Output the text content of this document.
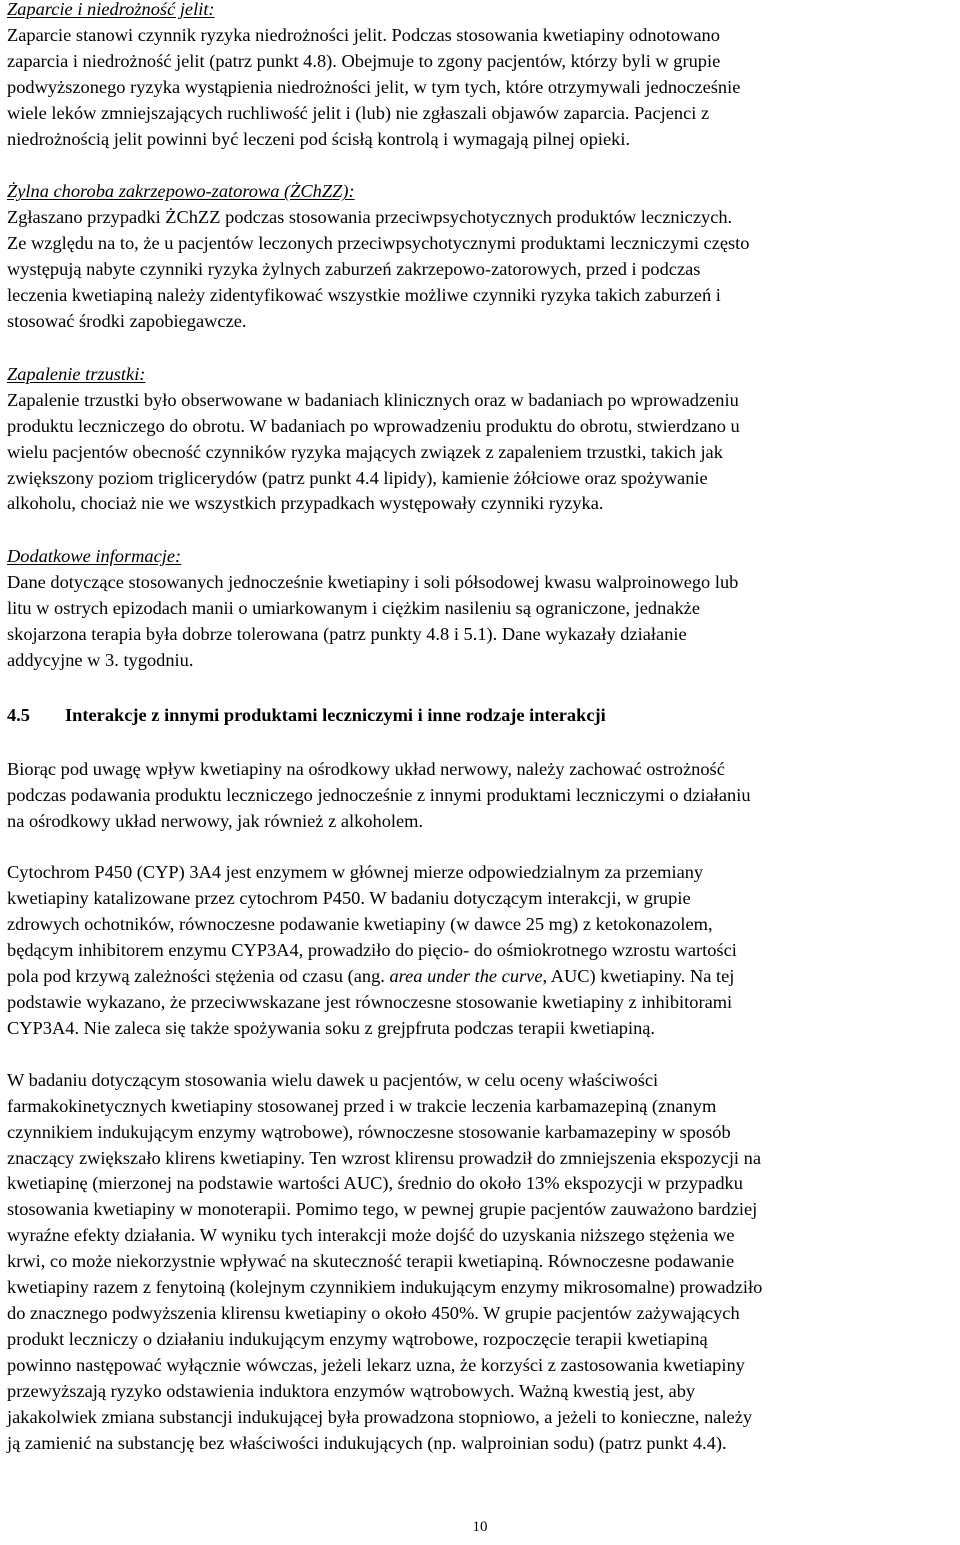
Zaparcie i niedrożność jelit:

Zaparcie stanowi czynnik ryzyka niedrożności jelit. Podczas stosowania kwetiapiny odnotowano
zaparcia i niedrożność jelit (patrz punkt 4.8). Obejmuje to zgony pacjentów, którzy byli w grupie
podwyższonego ryzyka wystąpienia niedrożności jelit, w tym tych, które otrzymywali jednocześnie
wiele leków zmniejszających ruchliwość jelit i (lub) nie zgłaszali objawów zaparcia. Pacjenci z
niedrożnością jelit powinni być leczeni pod ścisłą kontrolą i wymagają pilnej opieki.

Żylna choroba zakrzepowo-zatorowa (ŻChZZ):

Zgłaszano przypadki ŻChZZ podczas stosowania przeciwpsychotycznych produktów leczniczych.
Ze względu na to, że u pacjentów leczonych przeciwpsychotycznymi produktami leczniczymi często
występują nabyte czynniki ryzyka żylnych zaburzeń zakrzepowo-zatorowych, przed i podczas
leczenia kwetiapiną należy zidentyfikować wszystkie możliwe czynniki ryzyka takich zaburzeń i
stosować środki zapobiegawcze.

Zapalenie trzustki:

Zapalenie trzustki było obserwowane w badaniach klinicznych oraz w badaniach po wprowadzeniu
produktu leczniczego do obrotu. W badaniach po wprowadzeniu produktu do obrotu, stwierdzano u
wielu pacjentów obecność czynników ryzyka mających związek z zapaleniem trzustki, takich jak
zwiększony poziom triglicerydów (patrz punkt 4.4 lipidy), kamienie żółciowe oraz spożywanie
alkoholu, chociaż nie we wszystkich przypadkach występowały czynniki ryzyka.

Dodatkowe informacje:

Dane dotyczące stosowanych jednocześnie kwetiapiny i soli półsodowej kwasu walproinowego lub
litu w ostrych epizodach manii o umiarkowanym i ciężkim nasileniu są ograniczone, jednakże
skojarzona terapia była dobrze tolerowana (patrz punkty 4.8 i 5.1). Dane wykazały działanie
addycyjne w 3. tygodniu.

4.5	Interakcje z innymi produktami leczniczymi i inne rodzaje interakcji

Biorąc pod uwagę wpływ kwetiapiny na ośrodkowy układ nerwowy, należy zachować ostrożność
podczas podawania produktu leczniczego jednocześnie z innymi produktami leczniczymi o działaniu
na ośrodkowy układ nerwowy, jak również z alkoholem.

Cytochrom P450 (CYP) 3A4 jest enzymem w głównej mierze odpowiedzialnym za przemiany
kwetiapiny katalizowane przez cytochrom P450. W badaniu dotyczącym interakcji, w grupie
zdrowych ochotników, równoczesne podawanie kwetiapiny (w dawce 25 mg) z ketokonazolem,
będącym inhibitorem enzymu CYP3A4, prowadziło do pięcio- do ośmiokrotnego wzrostu wartości
pola pod krzywą zależności stężenia od czasu (ang. area under the curve, AUC) kwetiapiny. Na tej
podstawie wykazano, że przeciwwskazane jest równoczesne stosowanie kwetiapiny z inhibitorami
CYP3A4. Nie zaleca się także spożywania soku z grejpfruta podczas terapii kwetiapiną.

W badaniu dotyczącym stosowania wielu dawek u pacjentów, w celu oceny właściwości
farmakokinetycznych kwetiapiny stosowanej przed i w trakcie leczenia karbamazepiną (znanym
czynnikiem indukującym enzymy wątrobowe), równoczesne stosowanie karbamazepiny w sposób
znaczący zwiększało klirens kwetiapiny. Ten wzrost klirensu prowadził do zmniejszenia ekspozycji na
kwetiapinę (mierzonej na podstawie wartości AUC), średnio do około 13% ekspozycji w przypadku
stosowania kwetiapiny w monoterapii. Pomimo tego, w pewnej grupie pacjentów zauważono bardziej
wyraźne efekty działania. W wyniku tych interakcji może dojść do uzyskania niższego stężenia we
krwi, co może niekorzystnie wpływać na skuteczność terapii kwetiapiną. Równoczesne podawanie
kwetiapiny razem z fenytoiną (kolejnym czynnikiem indukującym enzymy mikrosomalne) prowadziło
do znacznego podwyższenia klirensu kwetiapiny o około 450%. W grupie pacjentów zażywających
produkt leczniczy o działaniu indukującym enzymy wątrobowe, rozpoczęcie terapii kwetiapiną
powinno następować wyłącznie wówczas, jeżeli lekarz uzna, że korzyści z zastosowania kwetiapiny
przewyższają ryzyko odstawienia induktora enzymów wątrobowych. Ważną kwestią jest, aby
jakakolwiek zmiana substancji indukującej była prowadzona stopniowo, a jeżeli to konieczne, należy
ją zamienić na substancję bez właściwości indukujących (np. walproinian sodu) (patrz punkt 4.4).

10
